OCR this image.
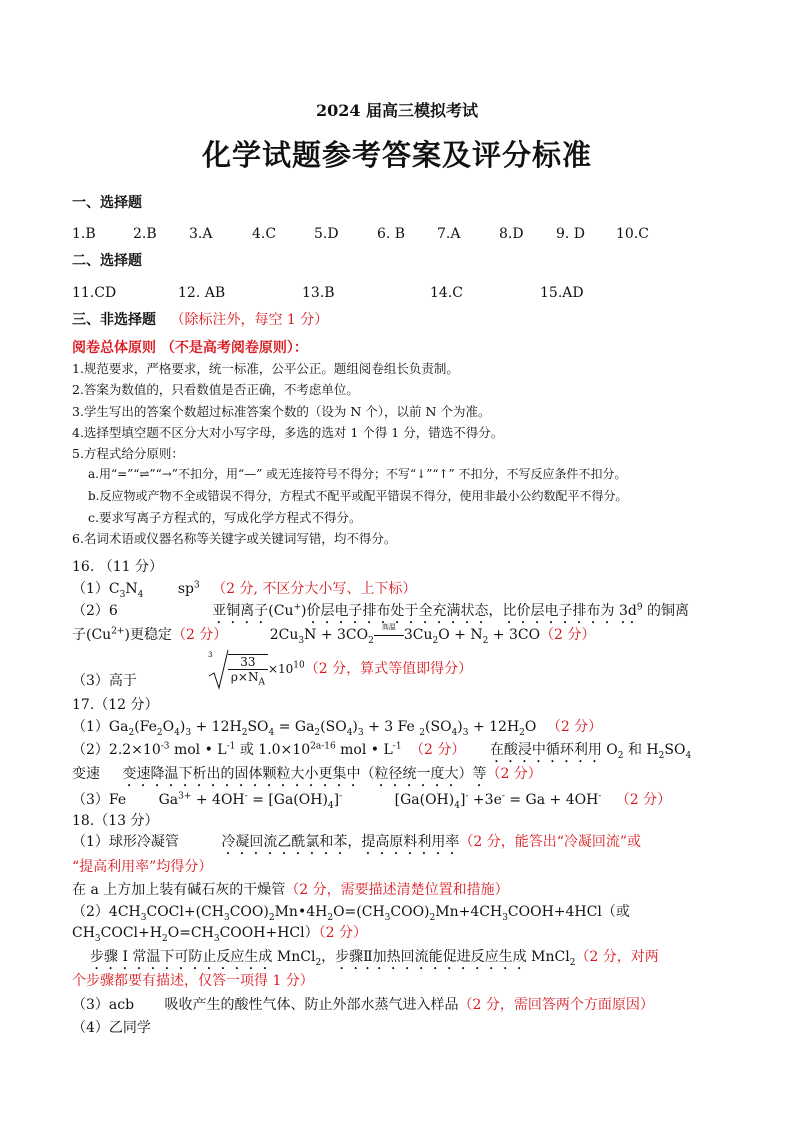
2024 届高三模拟考试
化学试题参考答案及评分标准
一、选择题
1.B	2.B 3.A	4.C	5.D	6. B 7.A	8.D 9. D 10.C
二、选择题
11.CD	12. AB	13.B	14.C	15.AD
三、非选择题 （除标注外，每空 1 分）
阅卷总体原则 （不是高考阅卷原则）：
1.规范要求，严格要求，统一标准，公平公正。题组阅卷组长负责制。
2.答案为数值的，只看数值是否正确，不考虑单位。
3.学生写出的答案个数超过标准答案个数的（设为 N 个），以前 N 个为准。
4.选择型填空题不区分大对小写字母，多选的选对 1 个得 1 分，错选不得分。
5.方程式给分原则：
a.用“=”“⇌”“→”不扣分，用“—” 或无连接符号不得分；不写“↓”“↑” 不扣分，不写反应条件不扣分。
b.反应物或产物不全或错误不得分，方程式不配平或配平错误不得分，使用非最小公约数配平不得分。
c.要求写离子方程式的，写成化学方程式不得分。
6.名词术语或仪器名称等关键字或关键词写错，均不得分。
16. （11 分）
$(1)C_3N_4$ $sp^3$ （2 分, 不区分大小写、上下标）
（2）6	亚铜离子(Cu+)价层电子排布处于全充满状态，比价层电子排布为 $3d^9$ 的铜离
子$(Cu^{2+})$更稳定（2 分）	$2Cu_3N + 3CO_2$
高温 $3Cu_2O + N_2 + 3CO(2$ 分）
（3）高于
$3 \frac{33}{\rho\times N_A} \times 10^{10}(2$ 分，算式等值即得分）
17.（12 分）
$(1)Ga_2(Fe_2O_4)_3 + 12H_2SO_4 = Ga_2(SO_4)_3 + 3$ Fe $_2(SO_4)_3 + 12H_2O$ （2 分）
$(2)2.2\times 10^{-3}$ mol • $L^{-1}$ 或 $1.0\times 10^{2a-16}$ mol • $L^{-1}$ （2 分） 在酸浸中循环利用 $O_2$ 和 $H_2SO_4$
变速 变速降温下析出的固体颗粒大小更集中（粒径统一度大）等（2 分）
（3）Fe $Ga^{3+} + 4OH^- = [Ga(OH)_4]^-$	$[Ga(OH)_4]^- +3e^- = Ga + 4OH^-$ （2 分）
18.（13 分）
（1）球形冷凝管	冷凝回流乙酰氯和苯，提高原料利用率（2 分，能答出“冷凝回流”或
“提高利用率”均得分）
在 a 上方加上装有碱石灰的干燥管（2 分，需要描述清楚位置和措施）
$(2)4CH_3COCl+(CH_3COO)_2Mn•4H_2O=(CH_3COO)_2Mn+4CH_3COOH+4HCl$（或
$CH_3COCl+H_2O=CH_3COOH+HCl)(2$ 分）
步骤 I 常温下可防止反应生成 MnCl$_2$，步骤Ⅱ加热回流能促进反应生成 MnCl$_2$（2 分，对两
个步骤都要有描述，仅答一项得 1 分）
（3）acb 吸收产生的酸性气体、防止外部水蒸气进入样品（2 分，需回答两个方面原因）
（4）乙同学
